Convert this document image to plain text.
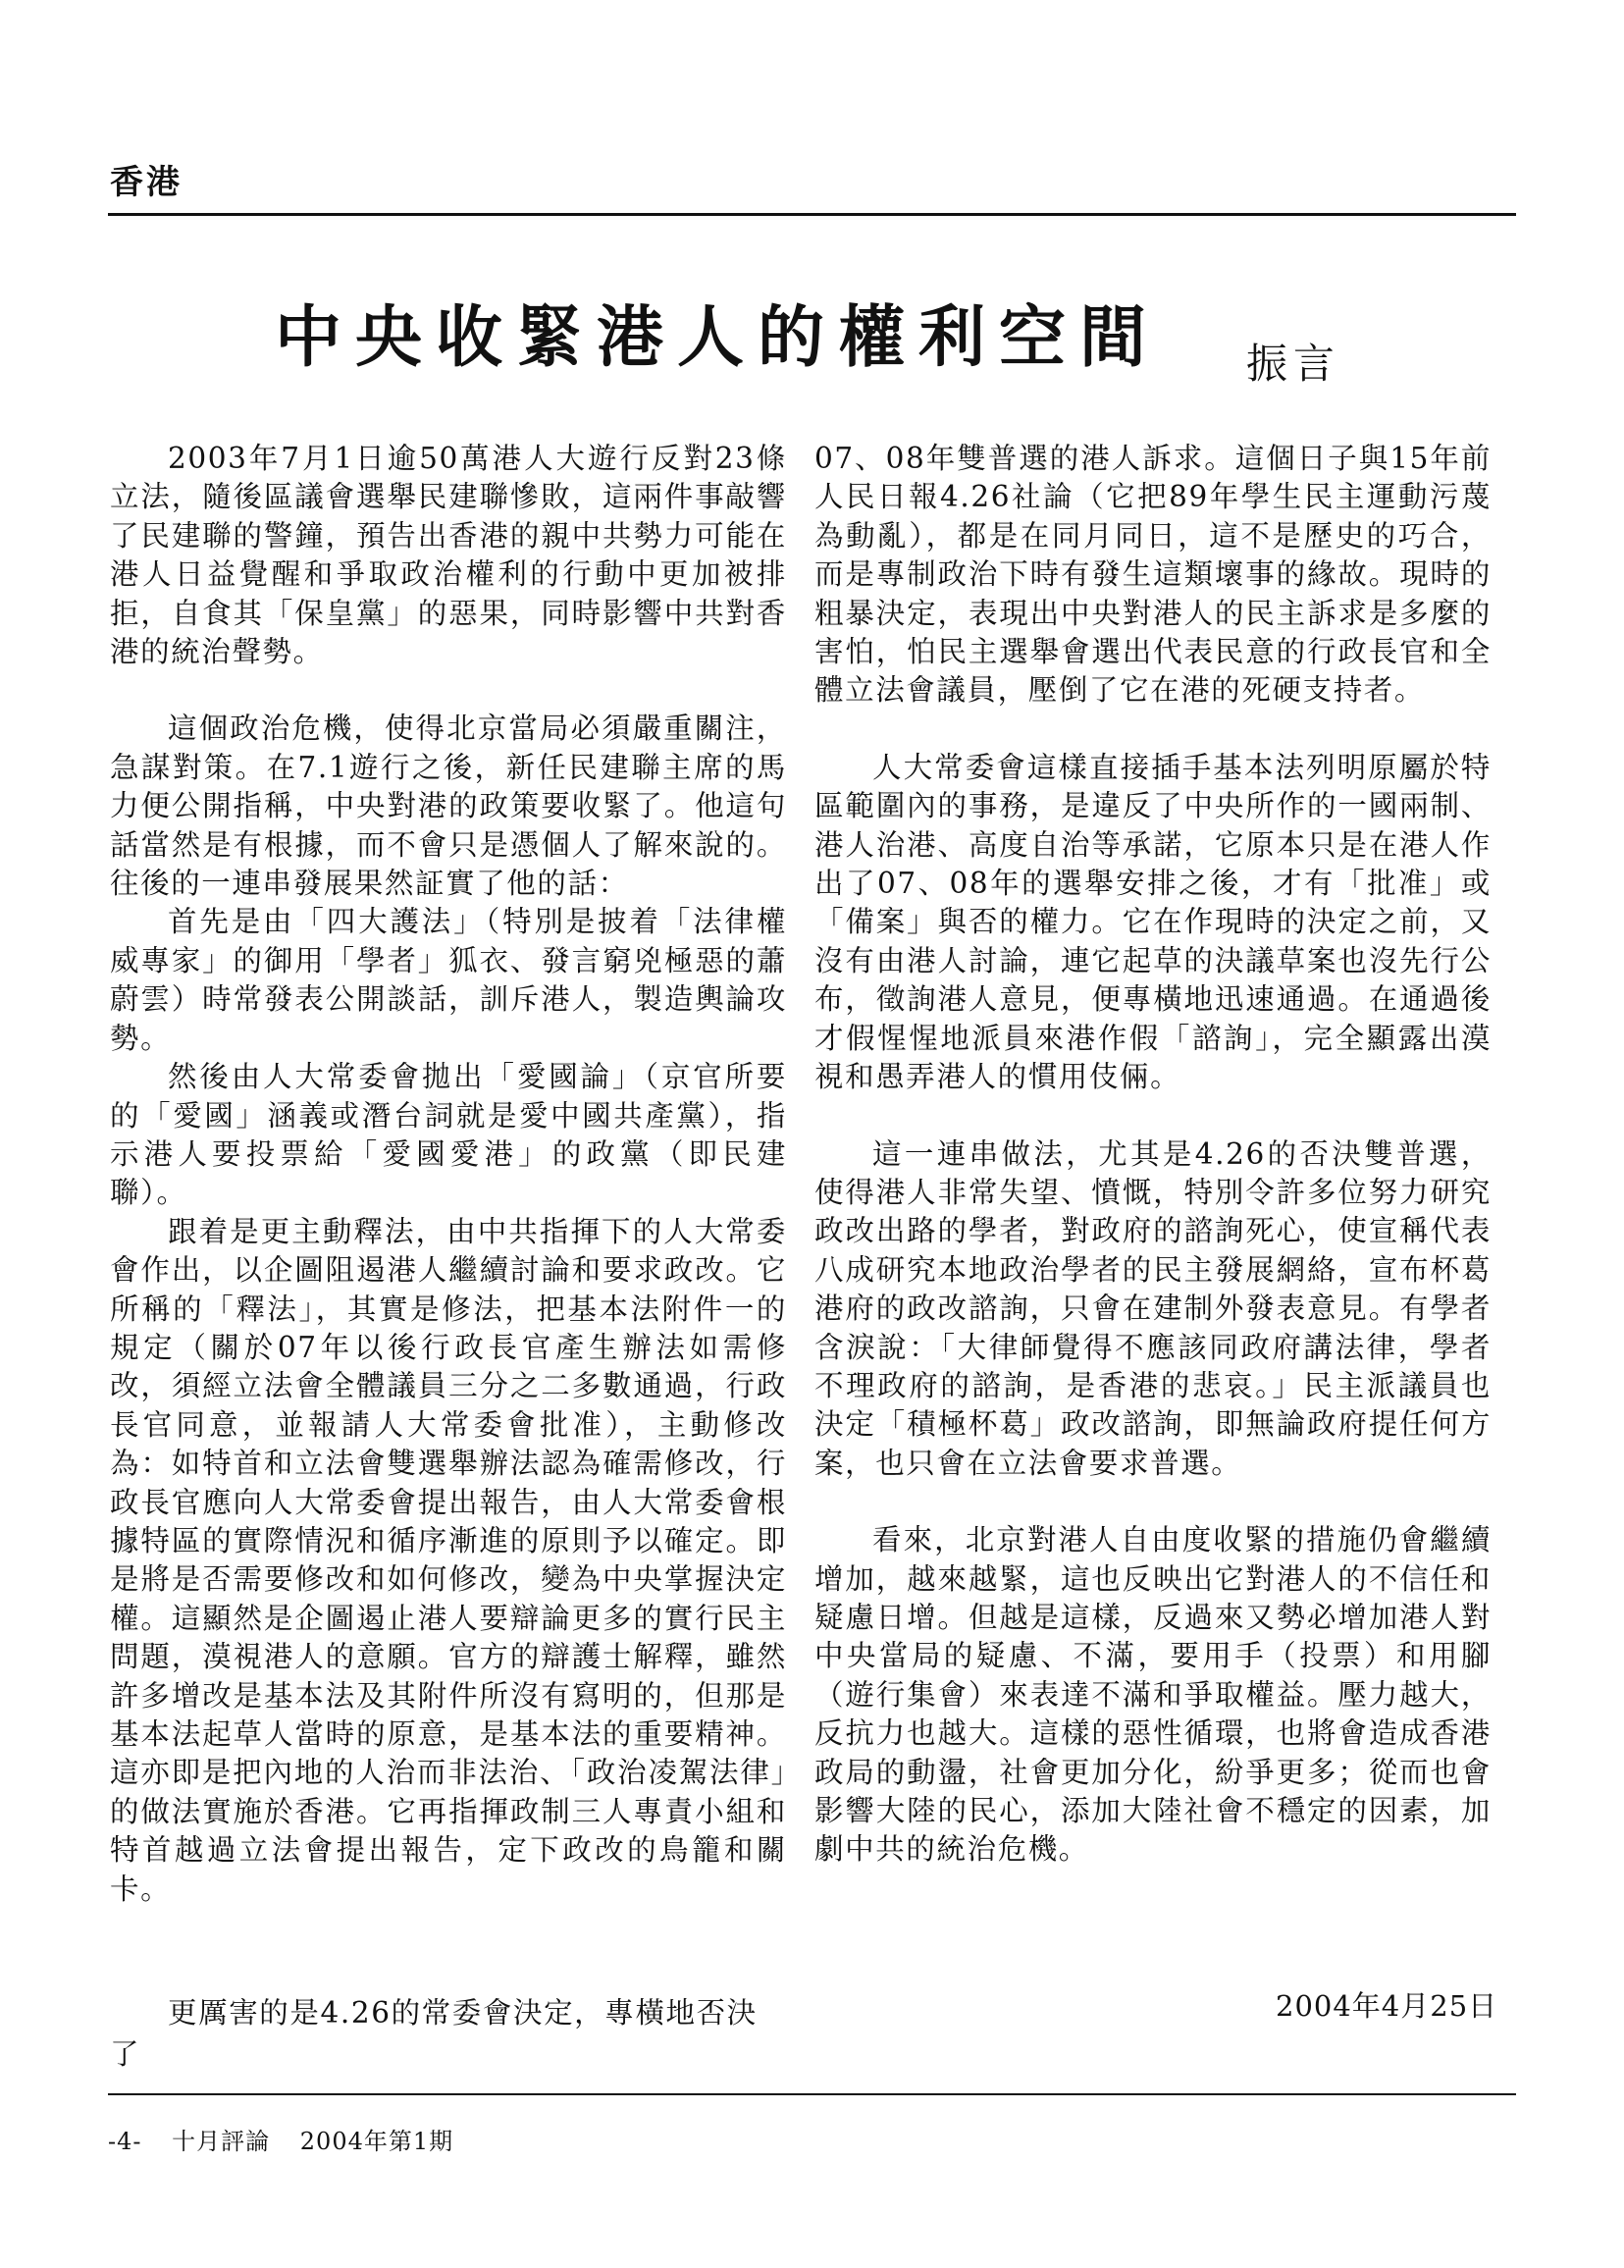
香港
中央收緊港人的權利空間 振言

2003年7月1日逾50萬港人大遊行反對23條立法，隨後區議會選舉民建聯慘敗，這兩件事敲響了民建聯的警鐘，預告出香港的親中共勢力可能在港人日益覺醒和爭取政治權利的行動中更加被排拒，自食其「保皇黨」的惡果，同時影響中共對香港的統治聲勢。

這個政治危機，使得北京當局必須嚴重關注，急謀對策。在7.1遊行之後，新任民建聯主席的馬力便公開指稱，中央對港的政策要收緊了。他這句話當然是有根據，而不會只是憑個人了解來說的。往後的一連串發展果然証實了他的話：

首先是由「四大護法」（特別是披着「法律權威專家」的御用「學者」狐衣、發言窮兇極惡的蕭蔚雲）時常發表公開談話，訓斥港人，製造輿論攻勢。

然後由人大常委會拋出「愛國論」（京官所要的「愛國」涵義或潛台詞就是愛中國共產黨），指示港人要投票給「愛國愛港」的政黨（即民建聯）。

跟着是更主動釋法，由中共指揮下的人大常委會作出，以企圖阻遏港人繼續討論和要求政改。它所稱的「釋法」，其實是修法，把基本法附件一的規定（關於07年以後行政長官產生辦法如需修改，須經立法會全體議員三分之二多數通過，行政長官同意，並報請人大常委會批准），主動修改為：如特首和立法會雙選舉辦法認為確需修改，行政長官應向人大常委會提出報告，由人大常委會根據特區的實際情況和循序漸進的原則予以確定。即是將是否需要修改和如何修改，變為中央掌握決定權。這顯然是企圖遏止港人要辯論更多的實行民主問題，漠視港人的意願。官方的辯護士解釋，雖然許多增改是基本法及其附件所沒有寫明的，但那是基本法起草人當時的原意，是基本法的重要精神。這亦即是把內地的人治而非法治、「政治凌駕法律」的做法實施於香港。它再指揮政制三人專責小組和特首越過立法會提出報告，定下政改的鳥籠和關卡。

更厲害的是4.26的常委會決定，專橫地否決了

07、08年雙普選的港人訴求。這個日子與15年前人民日報4.26社論（它把89年學生民主運動污蔑為動亂），都是在同月同日，這不是歷史的巧合，而是專制政治下時有發生這類壞事的緣故。現時的粗暴決定，表現出中央對港人的民主訴求是多麼的害怕，怕民主選舉會選出代表民意的行政長官和全體立法會議員，壓倒了它在港的死硬支持者。

人大常委會這樣直接插手基本法列明原屬於特區範圍內的事務，是違反了中央所作的一國兩制、港人治港、高度自治等承諾，它原本只是在港人作出了07、08年的選舉安排之後，才有「批准」或「備案」與否的權力。它在作現時的決定之前，又沒有由港人討論，連它起草的決議草案也沒先行公布，徵詢港人意見，便專橫地迅速通過。在通過後才假惺惺地派員來港作假「諮詢」，完全顯露出漠視和愚弄港人的慣用伎倆。

這一連串做法，尤其是4.26的否決雙普選，使得港人非常失望、憤慨，特別令許多位努力研究政改出路的學者，對政府的諮詢死心，使宣稱代表八成研究本地政治學者的民主發展網絡，宣布杯葛港府的政改諮詢，只會在建制外發表意見。有學者含淚說：「大律師覺得不應該同政府講法律，學者不理政府的諮詢，是香港的悲哀。」民主派議員也決定「積極杯葛」政改諮詢，即無論政府提任何方案，也只會在立法會要求普選。

看來，北京對港人自由度收緊的措施仍會繼續增加，越來越緊，這也反映出它對港人的不信任和疑慮日增。但越是這樣，反過來又勢必增加港人對中央當局的疑慮、不滿，要用手（投票）和用腳（遊行集會）來表達不滿和爭取權益。壓力越大，反抗力也越大。這樣的惡性循環，也將會造成香港政局的動盪，社會更加分化，紛爭更多；從而也會影響大陸的民心，添加大陸社會不穩定的因素，加劇中共的統治危機。

2004年4月25日
-4- 十月評論 2004年第1期
